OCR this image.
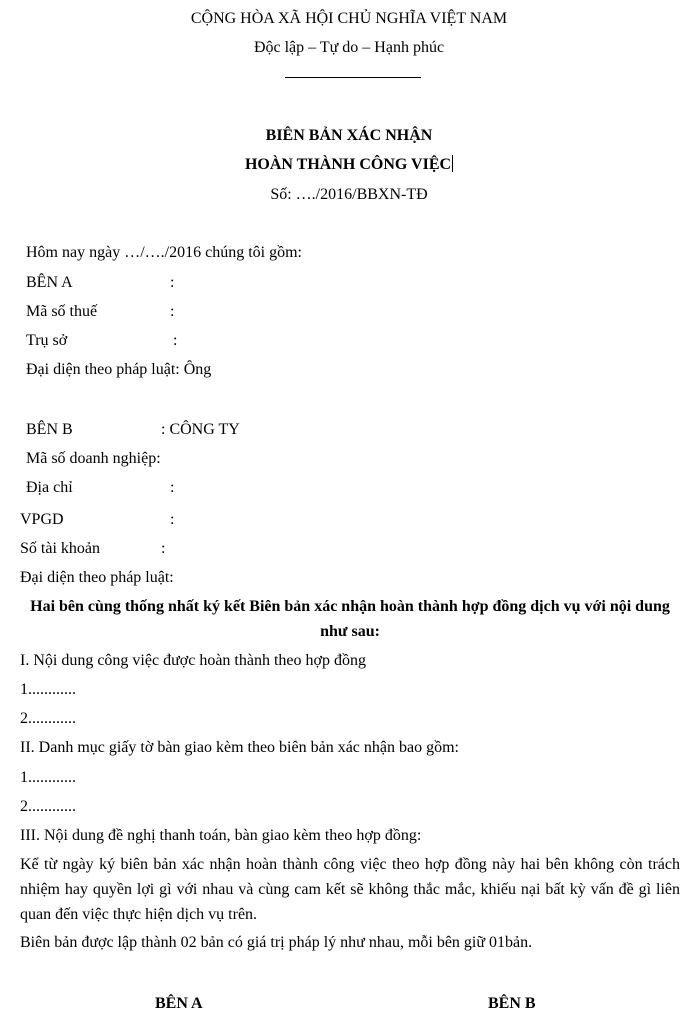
CỘNG HÒA XÃ HỘI CHỦ NGHĨA VIỆT NAM
Độc lập – Tự do – Hạnh phúc
BIÊN BẢN XÁC NHẬN
HOÀN THÀNH CÔNG VIỆC
Số: …./2016/BBXN-TĐ
Hôm nay ngày …/…./2016 chúng tôi gồm:
BÊN A	:
Mã số thuế	:
Trụ sở	:
Đại diện theo pháp luật: Ông
BÊN B	: CÔNG TY
Mã số doanh nghiệp:
Địa chỉ	:
VPGD	:
Số tài khoản	:
Đại diện theo pháp luật:
Hai bên cùng thống nhất ký kết Biên bản xác nhận hoàn thành hợp đồng dịch vụ với nội dung như sau:
I. Nội dung công việc được hoàn thành theo hợp đồng
1............
2............
II. Danh mục giấy tờ bàn giao kèm theo biên bản xác nhận bao gồm:
1............
2............
III. Nội dung đề nghị thanh toán, bàn giao kèm theo hợp đồng:
Kể từ ngày ký biên bản xác nhận hoàn thành công việc theo hợp đồng này hai bên không còn trách nhiệm hay quyền lợi gì với nhau và cùng cam kết sẽ không thắc mắc, khiếu nại bất kỳ vấn đề gì liên quan đến việc thực hiện dịch vụ trên.
Biên bản được lập thành 02 bản có giá trị pháp lý như nhau, mỗi bên giữ 01bản.
BÊN A	BÊN B
